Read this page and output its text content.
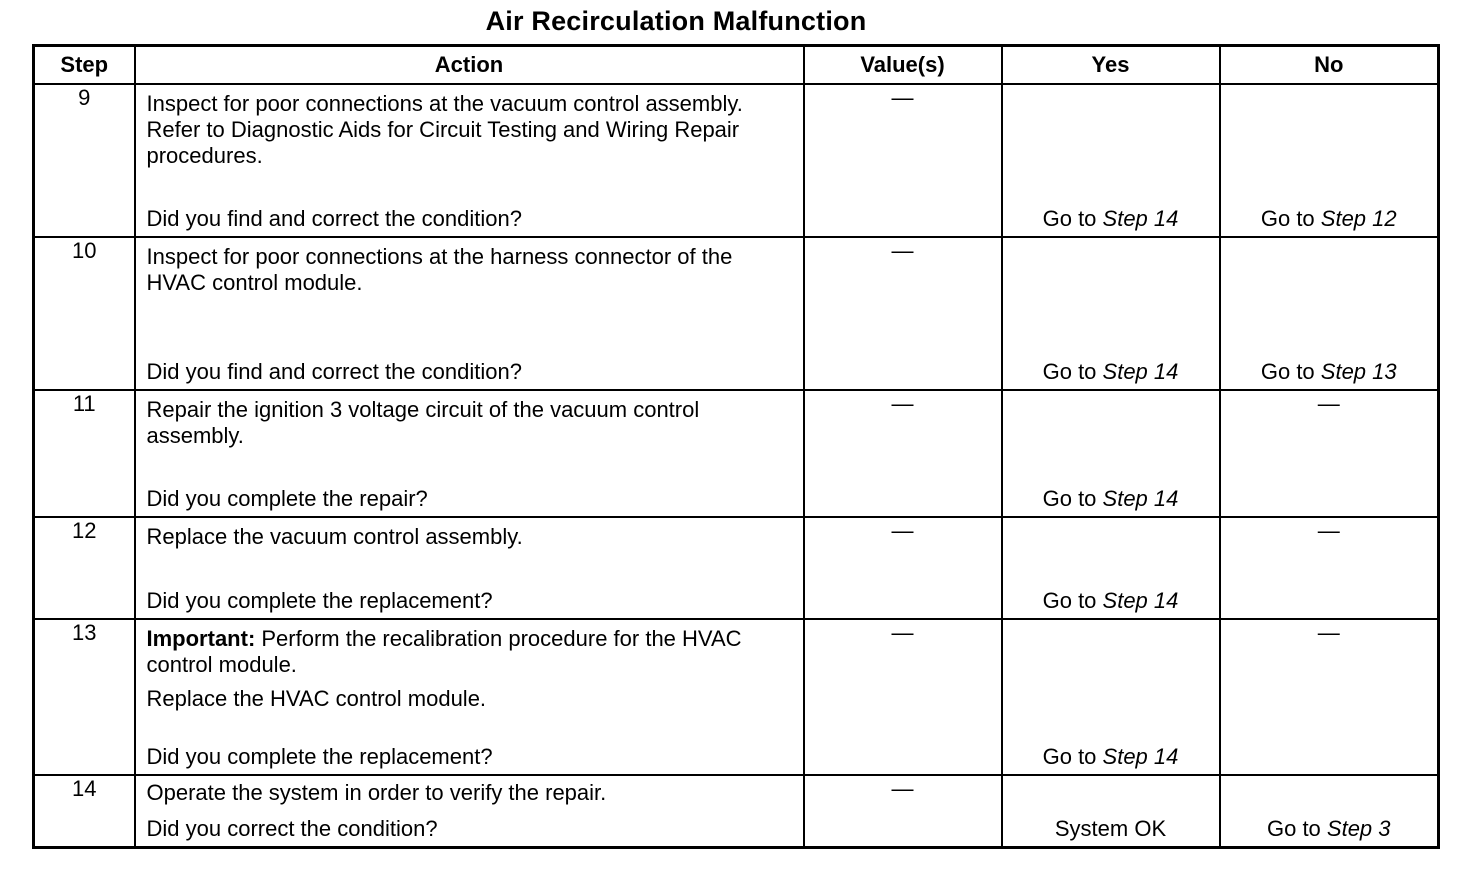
Air Recirculation Malfunction
Step	Action	Value(s)	Yes	No
9	Inspect for poor connections at the vacuum control assembly.

Refer to Diagnostic Aids for Circuit Testing and Wiring Repair procedures.

Did you find and correct the condition?	—	Go to Step 14	Go to Step 12

10	Inspect for poor connections at the harness connector of the HVAC control module.

Did you find and correct the condition?	—	Go to Step 14	Go to Step 13

11	Repair the ignition 3 voltage circuit of the vacuum control assembly.

Did you complete the repair?	—	Go to Step 14	—
12	Replace the vacuum control assembly.

Did you complete the replacement?	—	Go to Step 14	—
13	Important: Perform the recalibration procedure for the HVAC control module.

Replace the HVAC control module.

Did you complete the replacement?	—	Go to Step 14	—
14	Operate the system in order to verify the repair.

Did you correct the condition?	—	System OK	Go to Step 3
